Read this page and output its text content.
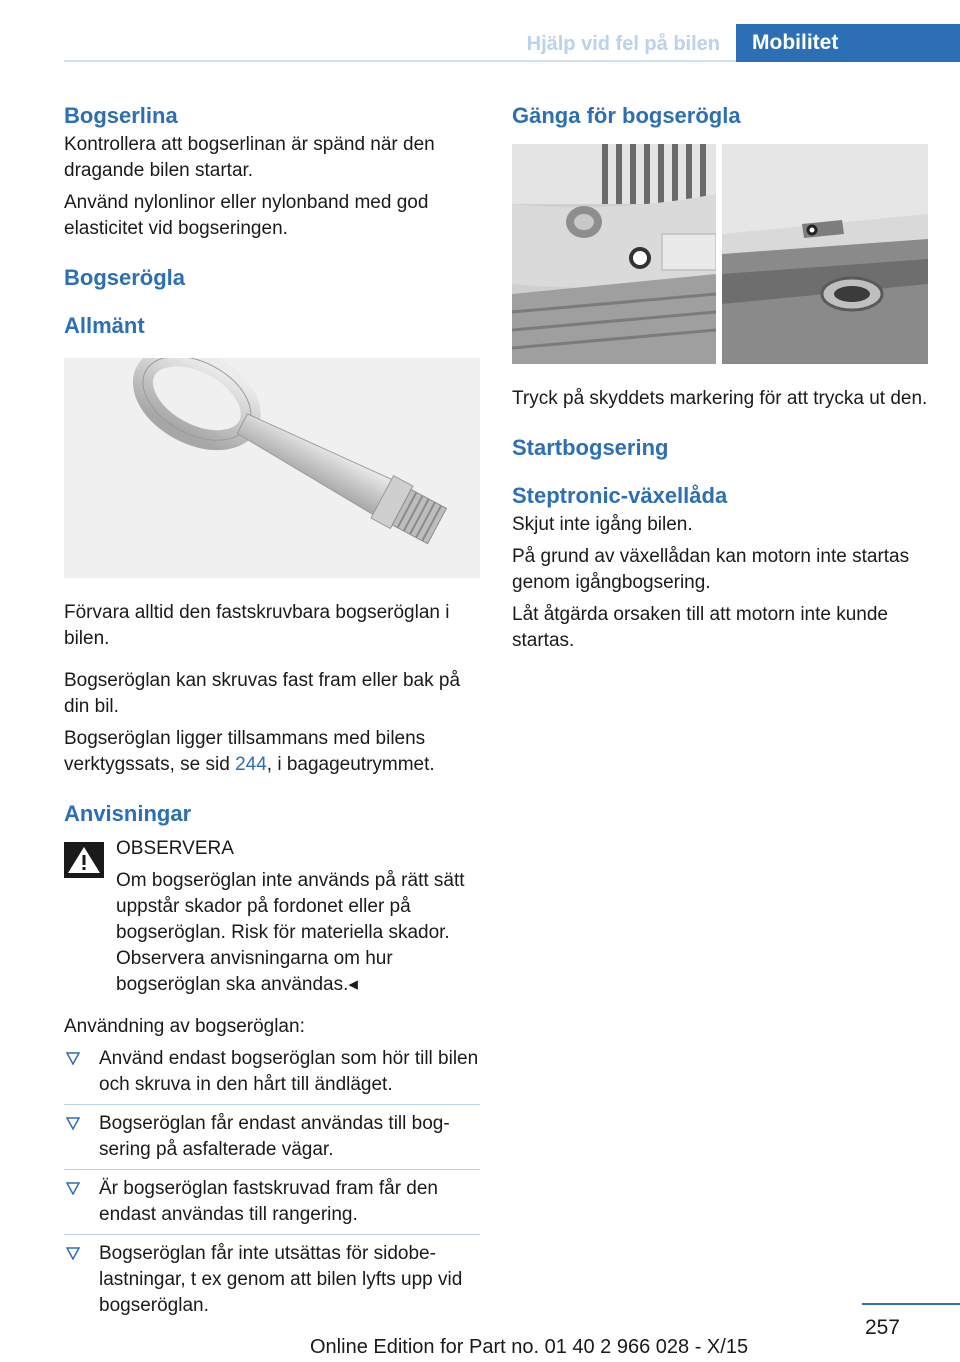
Hjälp vid fel på bilen	Mobilitet
Bogserlina

Kontrollera att bogserlinan är spänd när den dragande bilen startar.

Använd nylonlinor eller nylonband med god elasticitet vid bogseringen.

Bogserögla
Allmänt

Förvara alltid den fastskruvbara bogseröglan i bilen.

Bogseröglan kan skruvas fast fram eller bak på din bil.

Bogseröglan ligger tillsammans med bilens verktygssats, se sid 244, i bagageutrymmet.

Anvisningar

OBSERVERA

Om bogseröglan inte används på rätt sätt uppstår skador på fordonet eller på bogseröglan. Risk för materiella skador. Observera anvisningarna om hur bogseröglan ska användas.◂

Användning av bogseröglan:

Använd endast bogseröglan som hör till bilen och skruva in den hårt till ändläget.
Bogseröglan får endast användas till bogsering på asfalterade vägar.
Är bogseröglan fastskruvad fram får den endast användas till rangering.
Bogseröglan får inte utsättas för sidobelastningar, t ex genom att bilen lyfts upp vid bogseröglan.
Gänga för bogserögla

Tryck på skyddets markering för att trycka ut den.

Startbogsering
Steptronic-växellåda

Skjut inte igång bilen.

På grund av växellådan kan motorn inte startas genom igångbogsering.

Låt åtgärda orsaken till att motorn inte kunde startas.

257
Online Edition for Part no. 01 40 2 966 028 - X/15
